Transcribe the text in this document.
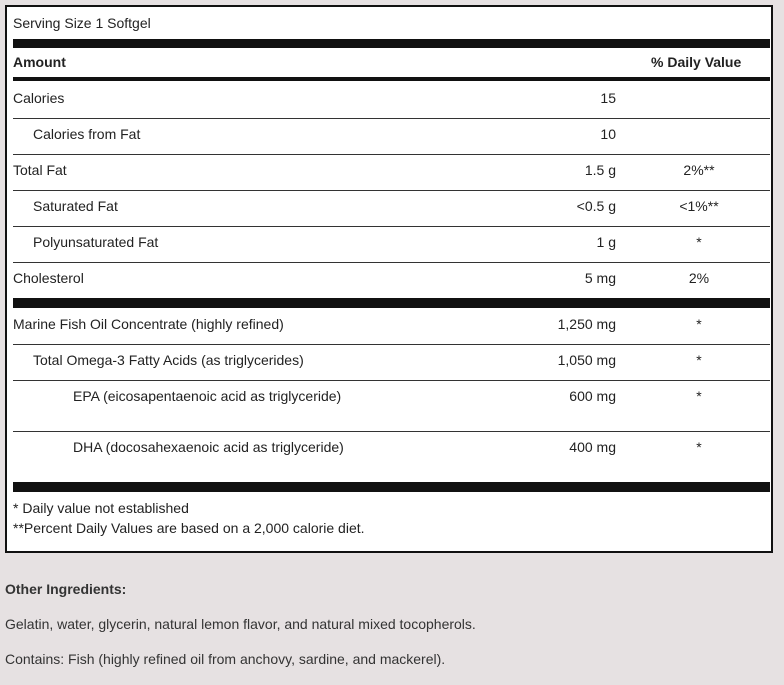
Serving Size 1 Softgel
Amount	% Daily Value
Calories	15
Calories from Fat	10
Total Fat	1.5 g	2%**
Saturated Fat	<0.5 g	<1%**
Polyunsaturated Fat	1 g	*
Cholesterol	5 mg	2%
Marine Fish Oil Concentrate (highly refined)	1,250 mg	*
Total Omega-3 Fatty Acids (as triglycerides)	1,050 mg	*
EPA (eicosapentaenoic acid as triglyceride)	600 mg	*
DHA (docosahexaenoic acid as triglyceride)	400 mg	*
* Daily value not established
**Percent Daily Values are based on a 2,000 calorie diet.
Other Ingredients:
Gelatin, water, glycerin, natural lemon flavor, and natural mixed tocopherols.
Contains: Fish (highly refined oil from anchovy, sardine, and mackerel).
